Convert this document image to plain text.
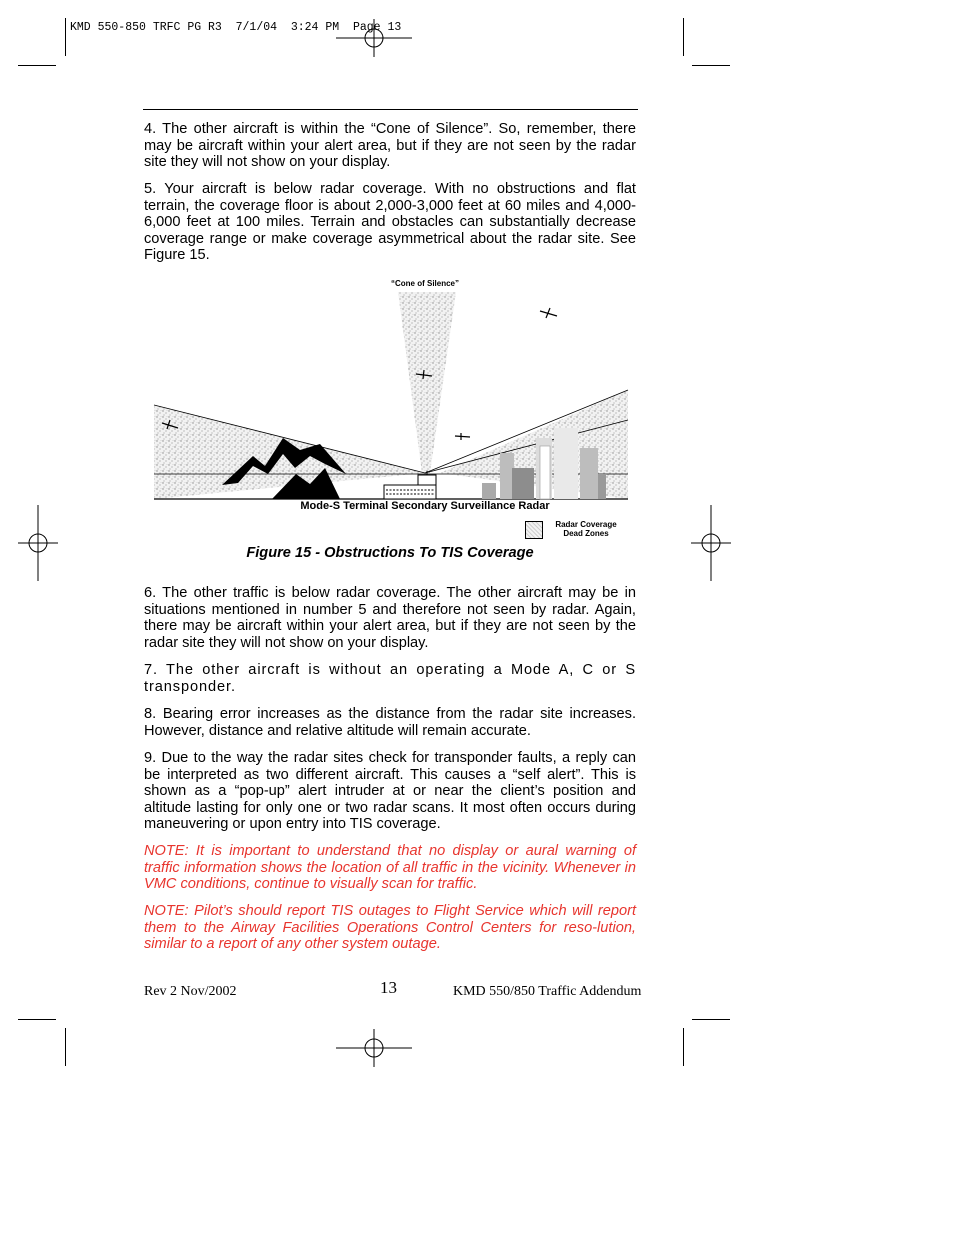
KMD 550-850 TRFC PG R3  7/1/04  3:24 PM  Page 13

4. The other aircraft is within the “Cone of Silence”. So, remember, there may be aircraft within your alert area, but if they are not seen by the radar site they will not show on your display.

5. Your aircraft is below radar coverage. With no obstructions and flat terrain, the coverage floor is about 2,000-3,000 feet at 60 miles and 4,000-6,000 feet at 100 miles. Terrain and obstacles can substantially decrease coverage range or make coverage asymmetrical about the radar site. See Figure 15.

“Cone of Silence”
Mode-S Terminal Secondary Surveillance Radar
Radar Coverage
Dead Zones
Figure 15 - Obstructions To TIS Coverage

6. The other traffic is below radar coverage. The other aircraft may be in situations mentioned in number 5 and therefore not seen by radar. Again, there may be aircraft within your alert area, but if they are not seen by the radar site they will not show on your display.

7. The other aircraft is without an operating a Mode A, C or S transponder.

8. Bearing error increases as the distance from the radar site increases. However, distance and relative altitude will remain accurate.

9. Due to the way the radar sites check for transponder faults, a reply can be interpreted as two different aircraft. This causes a “self alert”. This is shown as a “pop-up” alert intruder at or near the client’s position and altitude lasting for only one or two radar scans. It most often occurs during maneuvering or upon entry into TIS coverage.

NOTE: It is important to understand that no display or aural warning of traffic information shows the location of all traffic in the vicinity. Whenever in VMC conditions, continue to visually scan for traffic.

NOTE: Pilot’s should report TIS outages to Flight Service which will report them to the Airway Facilities Operations Control Centers for reso-lution, similar to a report of any other system outage.

Rev 2 Nov/2002	13	KMD 550/850 Traffic Addendum
